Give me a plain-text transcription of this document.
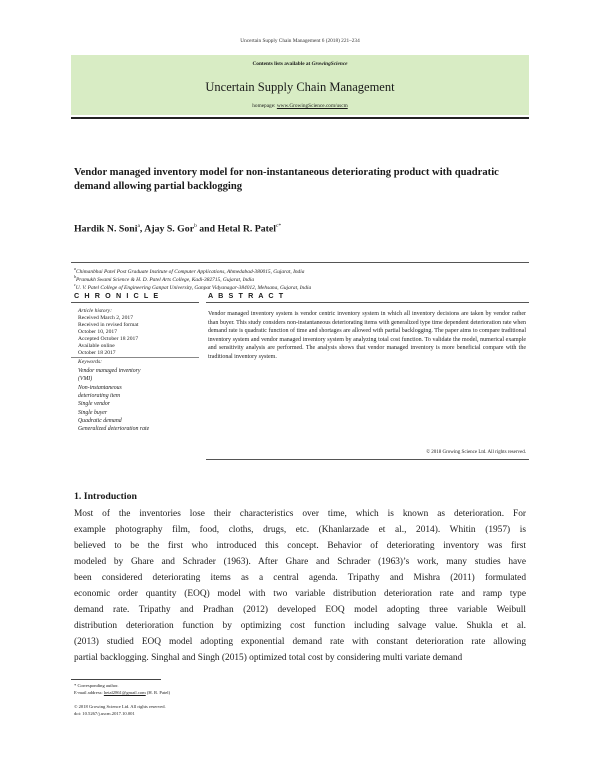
Uncertain Supply Chain Management 6 (2018) 221–234
Contents lists available at GrowingScience
Uncertain Supply Chain Management
homepage: www.GrowingScience.com/uscm
Vendor managed inventory model for non-instantaneous deteriorating product with quadratic
demand allowing partial backlogging
Hardik N. Soni$^a$, Ajay S. Gor$^b$ and Hetal R. Patel$^{c*}$
$^a$Chimanbhai Patel Post Graduate Institute of Computer Applications, Ahmedabad-380015, Gujarat, India
$^b$Pramukh Swami Science & H. D. Patel Arts College, Kadi-382715, Gujarat, India
$^c$U. V. Patel College of Engineering Ganpat University, Ganpat Vidyanagar-384012, Mehsana, Gujarat, India
C H R O N I C L E	A B S T R A C T
Article history:
Received March 2, 2017
Received in revised format
October 10, 2017
Accepted October 18 2017
Available online
October 18 2017
Keywords:
Vendor managed inventory
(VMI)
Non-instantaneous
deteriorating item
Single vendor
Single buyer
Quadratic demand
Generalized deterioration rate
Vendor managed inventory system is vendor centric inventory system in which all inventory decisions are taken by vendor rather than buyer. This study considers non-instantaneous deteriorating items with generalized type time dependent deterioration rate when demand rate is quadratic function of time and shortages are allowed with partial backlogging. The paper aims to compare traditional inventory system and vendor managed inventory system by analyzing total cost function. To validate the model, numerical example and sensitivity analysis are performed. The analysis shows that vendor managed inventory is more beneficial compare with the traditional inventory system.
© 2018 Growing Science Ltd. All rights reserved.
1. Introduction
Most of the inventories lose their characteristics over time, which is known as deterioration. For
example photography film, food, cloths, drugs, etc. (Khanlarzade et al., 2014). Whitin (1957) is
believed to be the first who introduced this concept. Behavior of deteriorating inventory was first
modeled by Ghare and Schrader (1963). After Ghare and Schrader (1963)’s work, many studies have
been considered deteriorating items as a central agenda. Tripathy and Mishra (2011) formulated
economic order quantity (EOQ) model with two variable distribution deterioration rate and ramp type
demand rate. Tripathy and Pradhan (2012) developed EOQ model adopting three variable Weibull
distribution deterioration function by optimizing cost function including salvage value. Shukla et al.
(2013) studied EOQ model adopting exponential demand rate with constant deterioration rate allowing
partial backlogging. Singhal and Singh (2015) optimized total cost by considering multi variate demand
* Corresponding author.
E-mail address: hetal2861@gmail.com (H. R. Patel)
© 2018 Growing Science Ltd. All rights reserved.
doi: 10.5267/j.uscm.2017.10.001
